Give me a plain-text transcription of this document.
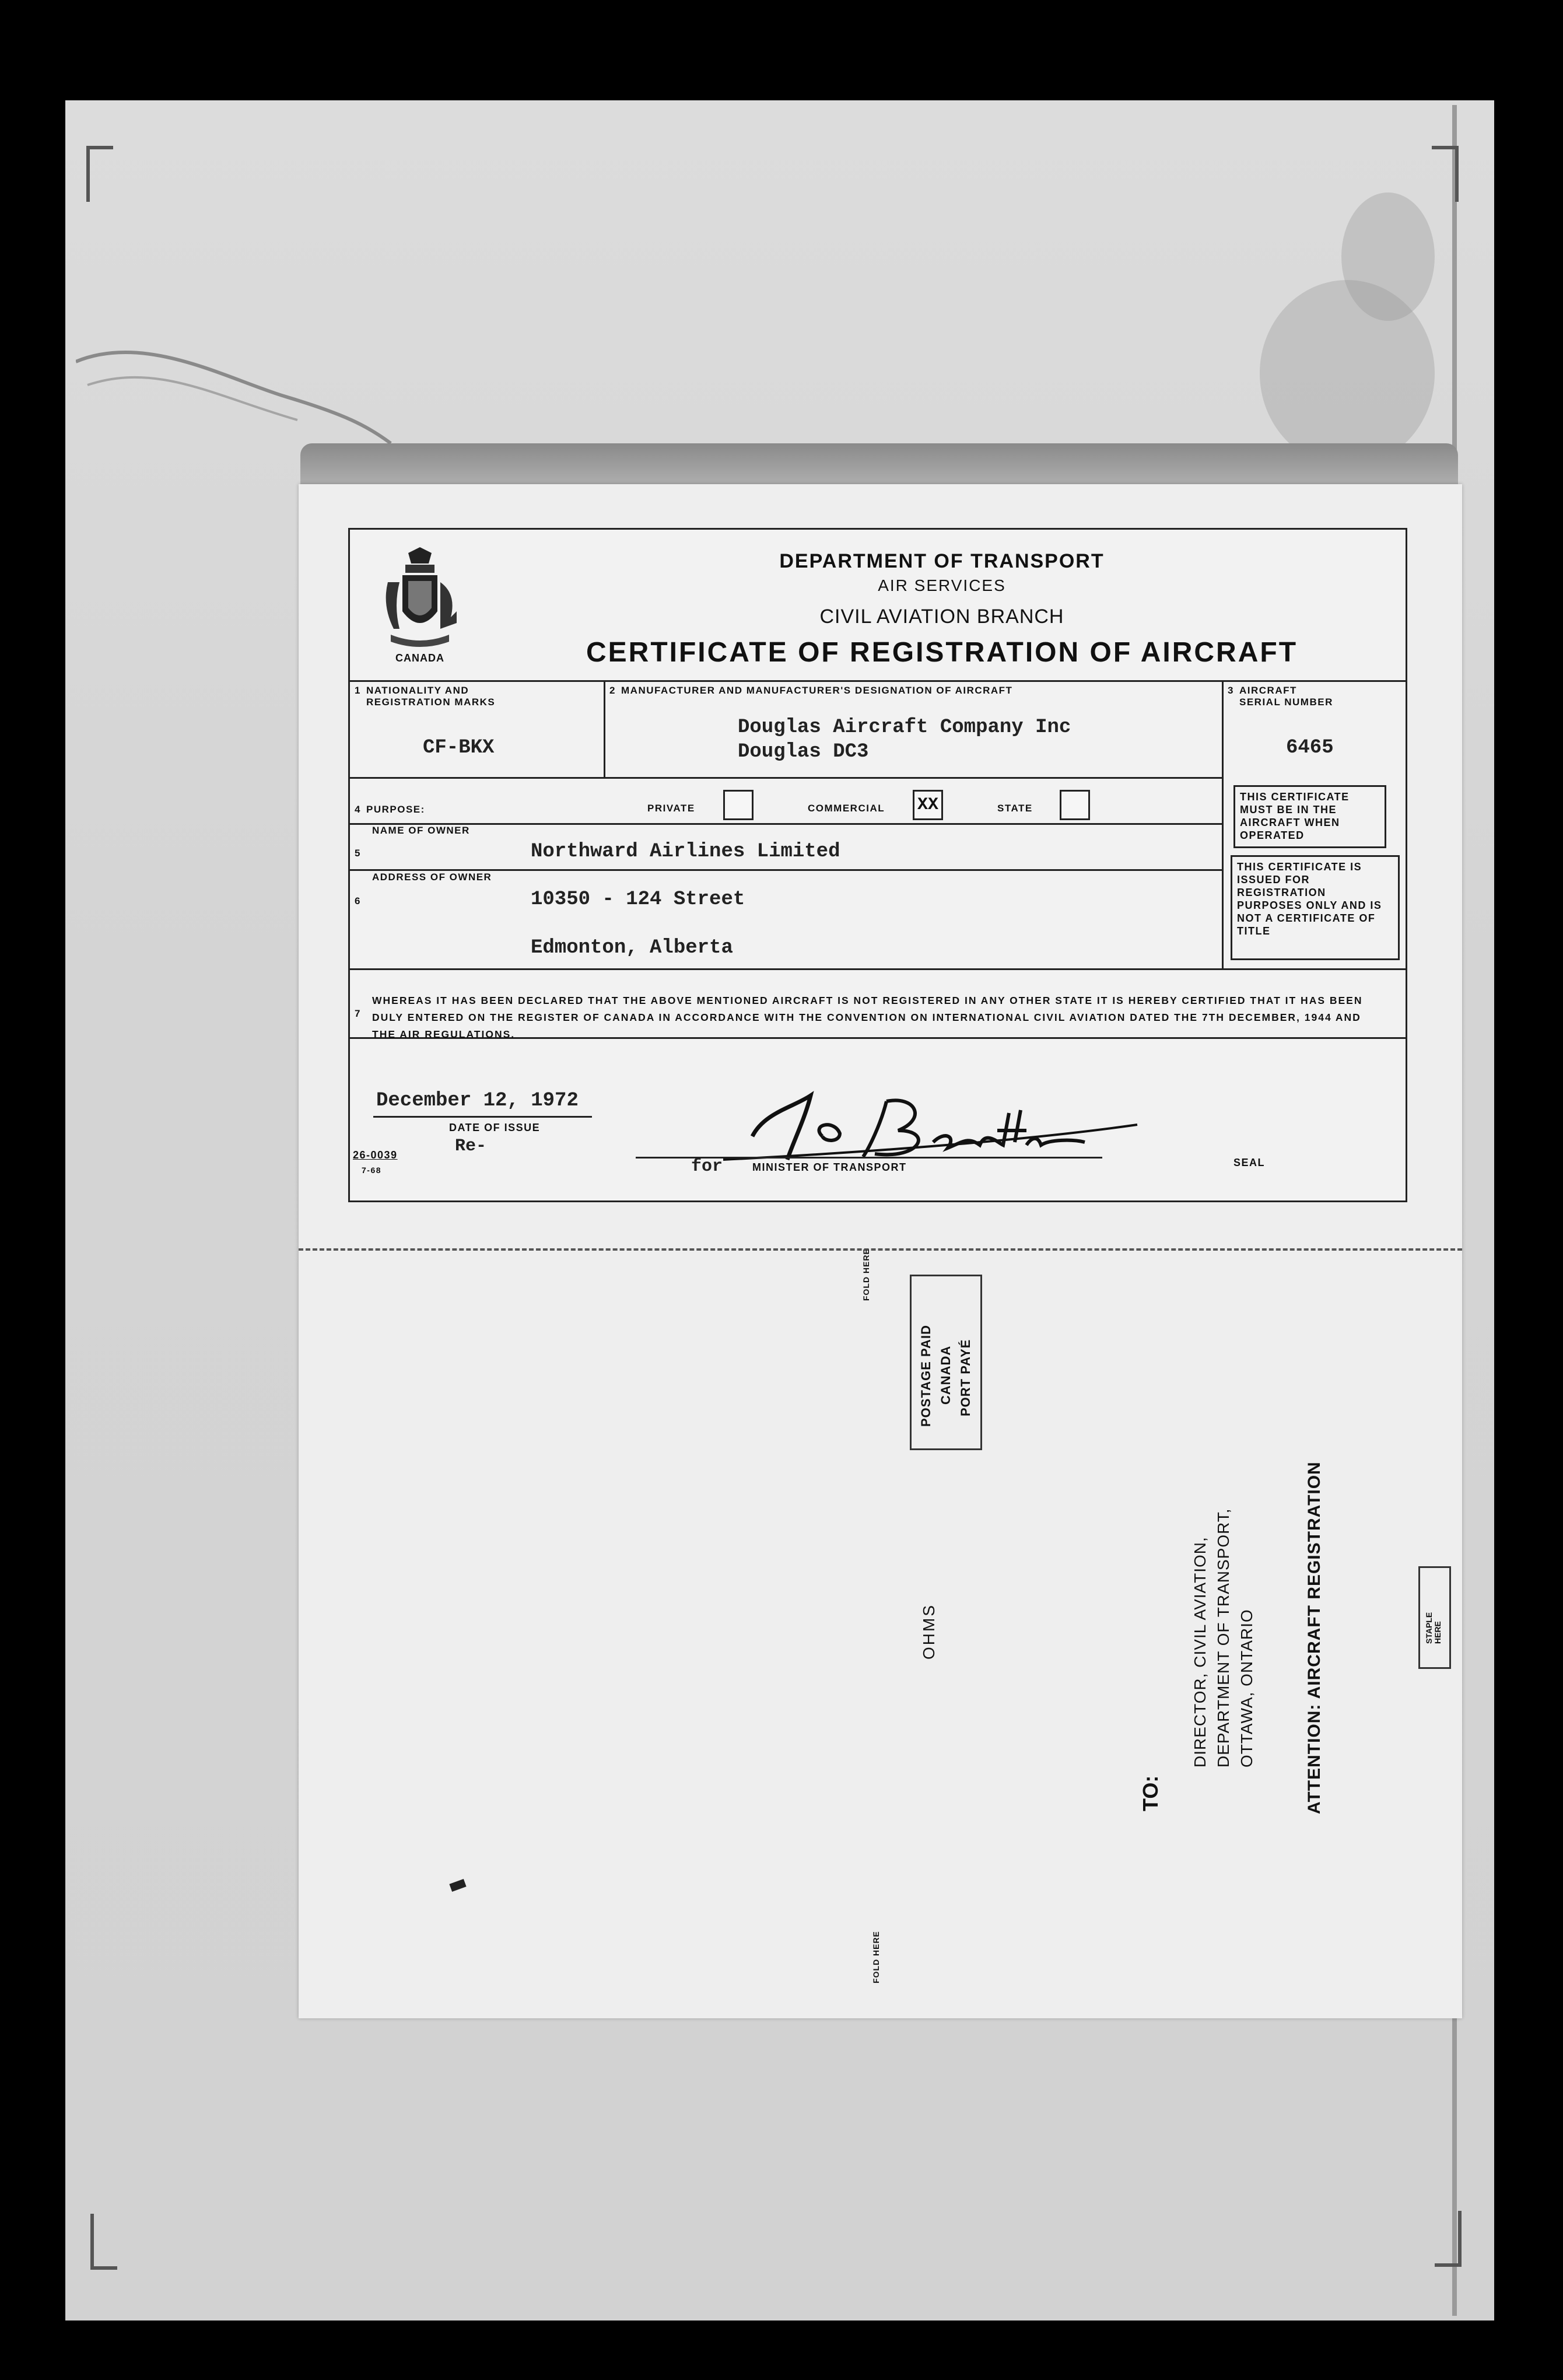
CANADA
DEPARTMENT OF TRANSPORT
AIR SERVICES
CIVIL AVIATION BRANCH
CERTIFICATE OF REGISTRATION OF AIRCRAFT
1 NATIONALITY AND REGISTRATION MARKS
CF-BKX
2 MANUFACTURER AND MANUFACTURER'S DESIGNATION OF AIRCRAFT
Douglas Aircraft Company Inc
Douglas DC3
3 AIRCRAFT SERIAL NUMBER
6465
4 PURPOSE:	PRIVATE	COMMERCIAL XX	STATE
NAME OF OWNER
5	Northward Airlines Limited
ADDRESS OF OWNER
6	10350 - 124 Street
Edmonton, Alberta
THIS CERTIFICATE MUST BE IN THE AIRCRAFT WHEN OPERATED
THIS CERTIFICATE IS ISSUED FOR REGISTRATION PURPOSES ONLY AND IS NOT A CERTIFICATE OF TITLE
7
WHEREAS IT HAS BEEN DECLARED THAT THE ABOVE MENTIONED AIRCRAFT IS NOT REGISTERED IN ANY OTHER STATE IT IS HEREBY CERTIFIED THAT IT HAS BEEN DULY ENTERED ON THE REGISTER OF CANADA IN ACCORDANCE WITH THE CONVENTION ON INTERNATIONAL CIVIL AVIATION DATED THE 7TH DECEMBER, 1944 AND THE AIR REGULATIONS.
December 12, 1972
DATE OF ISSUE
Re-
26-0039
7-68	for	MINISTER OF TRANSPORT	SEAL
FOLD HERE
POSTAGE PAID CANADA PORT PAYÉ
OHMS
TO:
DIRECTOR, CIVIL AVIATION, DEPARTMENT OF TRANSPORT, OTTAWA, ONTARIO	ATTENTION: AIRCRAFT REGISTRATION	STAPLE HERE
FOLD HERE
